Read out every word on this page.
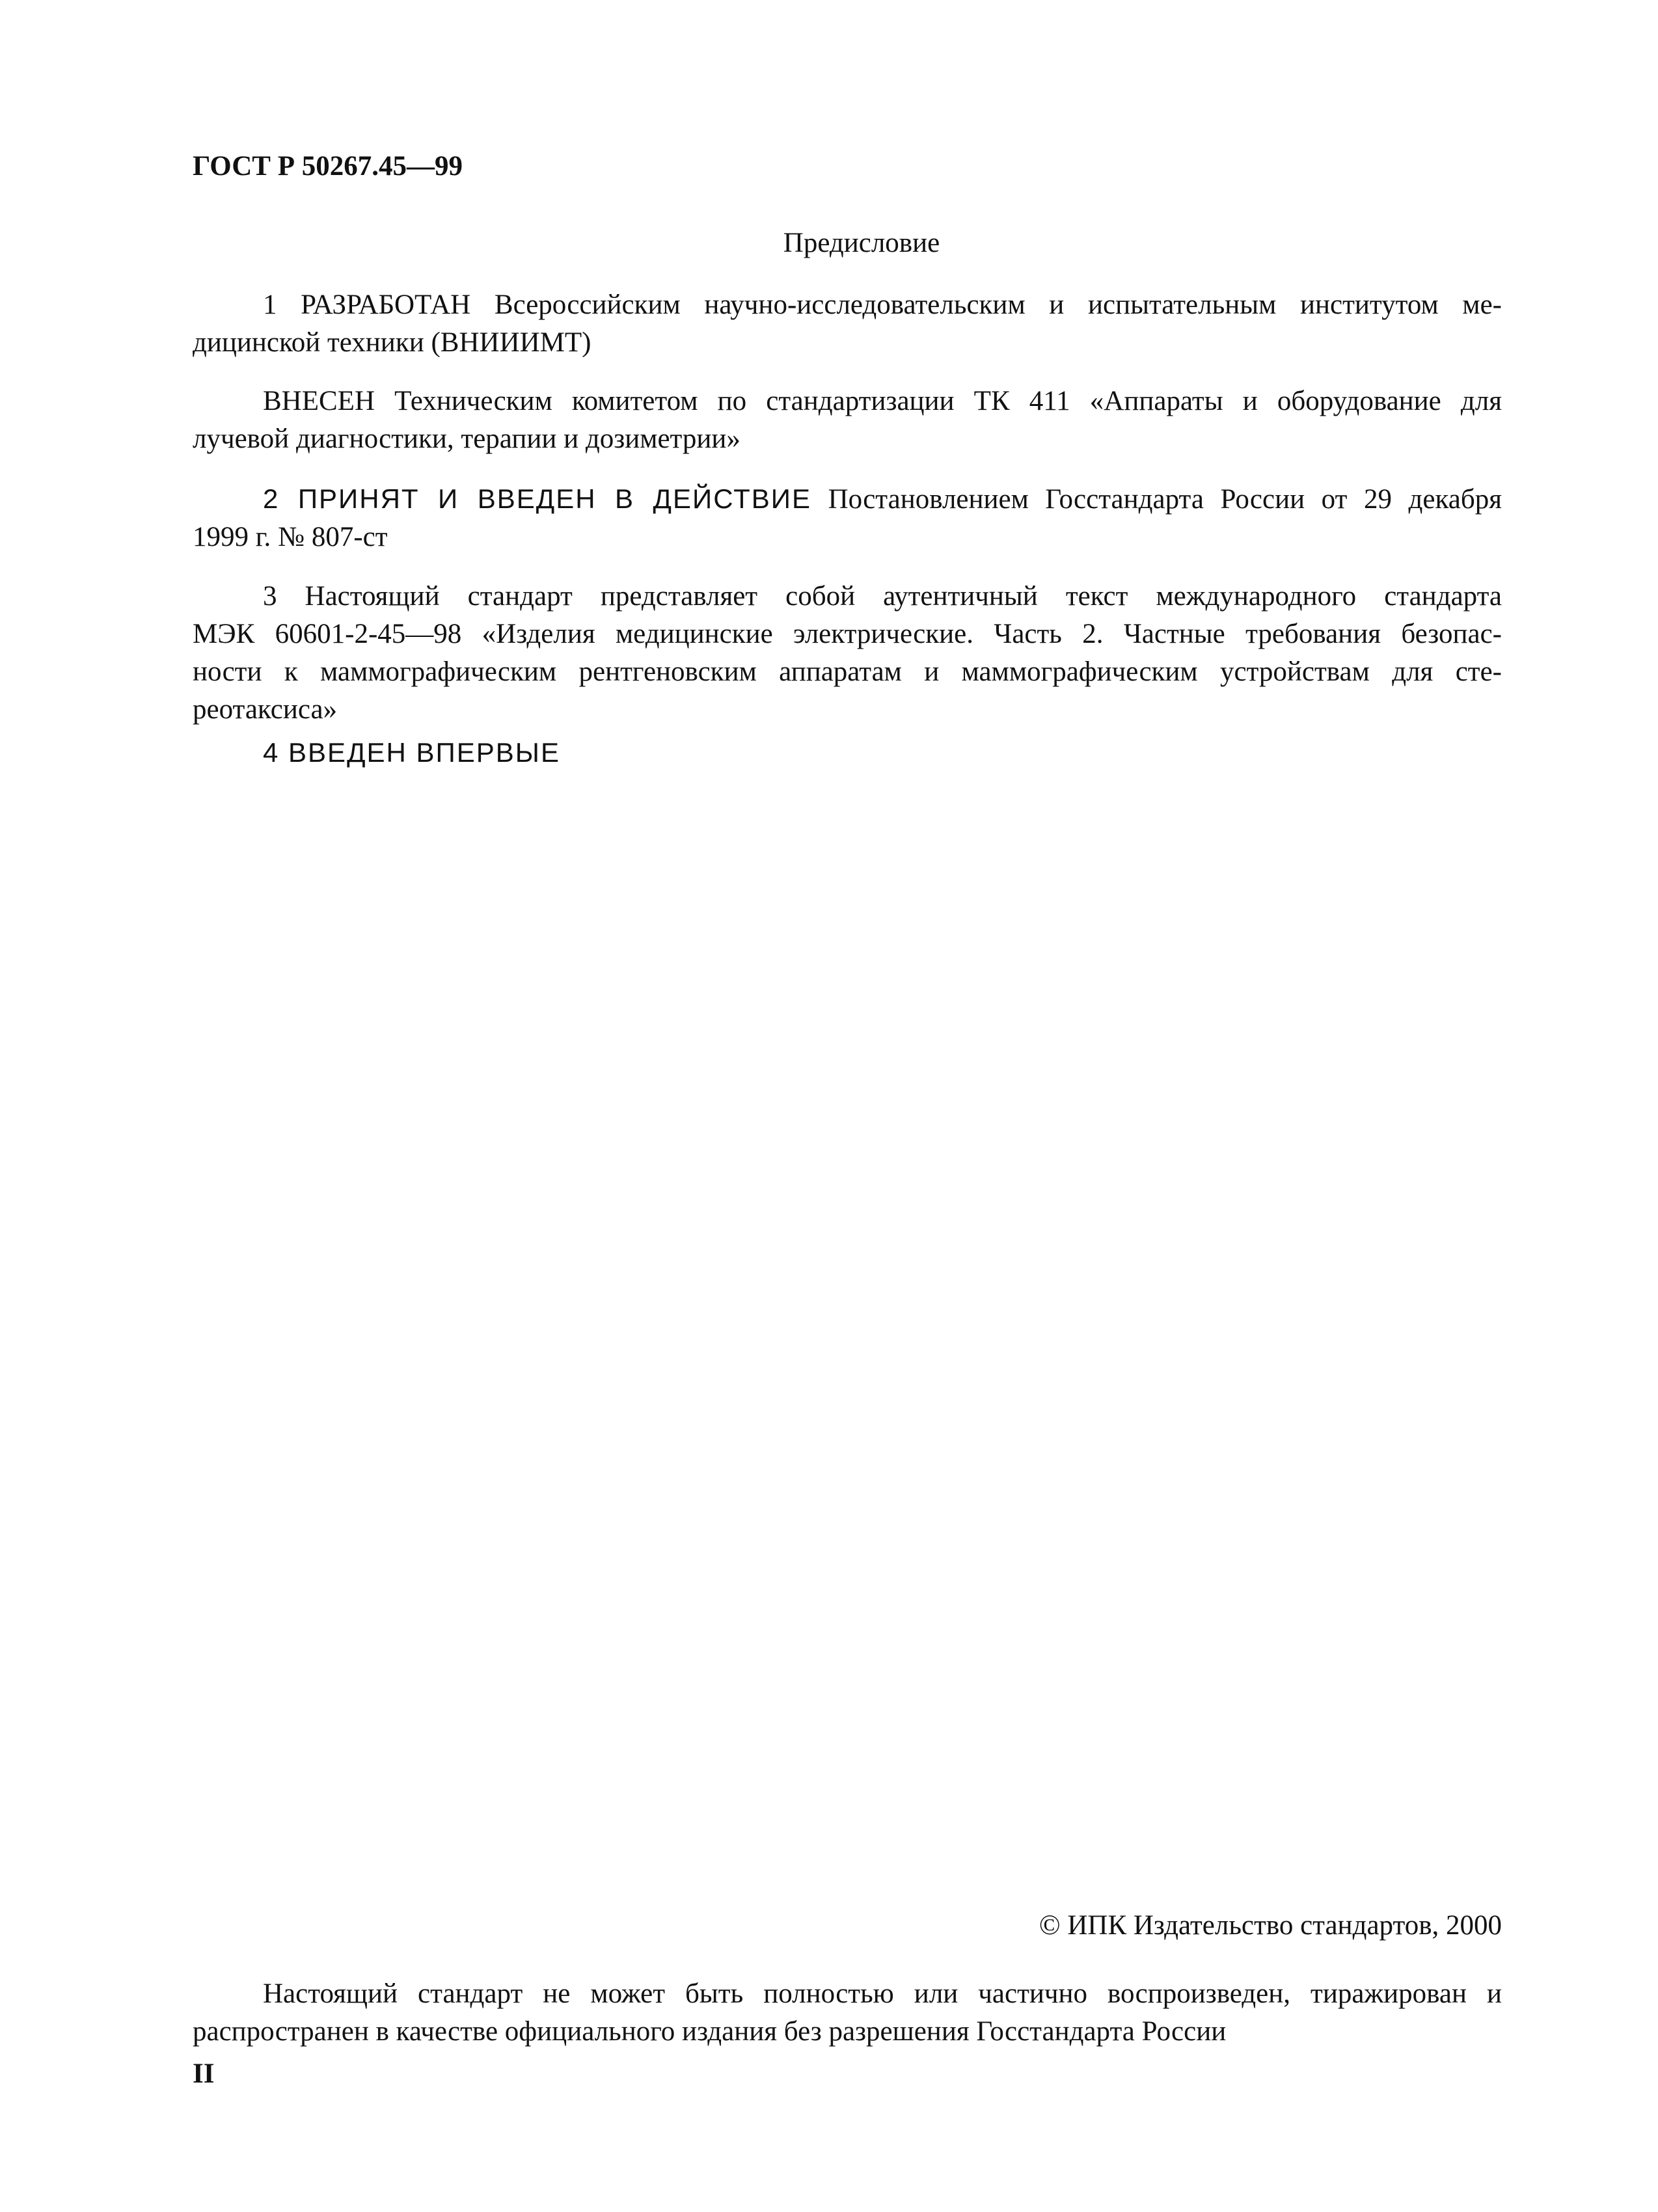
ГОСТ Р 50267.45—99
Предисловие
1 РАЗРАБОТАН Всероссийским научно-исследовательским и испытательным институтом ме-
дицинской техники (ВНИИИМТ)
ВНЕСЕН Техническим комитетом по стандартизации ТК 411 «Аппараты и оборудование для
лучевой диагностики, терапии и дозиметрии»
2 ПРИНЯТ И ВВЕДЕН В ДЕЙСТВИЕ Постановлением Госстандарта России от 29 декабря
1999 г. № 807-ст
3 Настоящий стандарт представляет собой аутентичный текст международного стандарта
МЭК 60601-2-45—98 «Изделия медицинские электрические. Часть 2. Частные требования безопас-
ности к маммографическим рентгеновским аппаратам и маммографическим устройствам для сте-
реотаксиса»
4 ВВЕДЕН ВПЕРВЫЕ
© ИПК Издательство стандартов, 2000
Настоящий стандарт не может быть полностью или частично воспроизведен, тиражирован и
распространен в качестве официального издания без разрешения Госстандарта России
II
